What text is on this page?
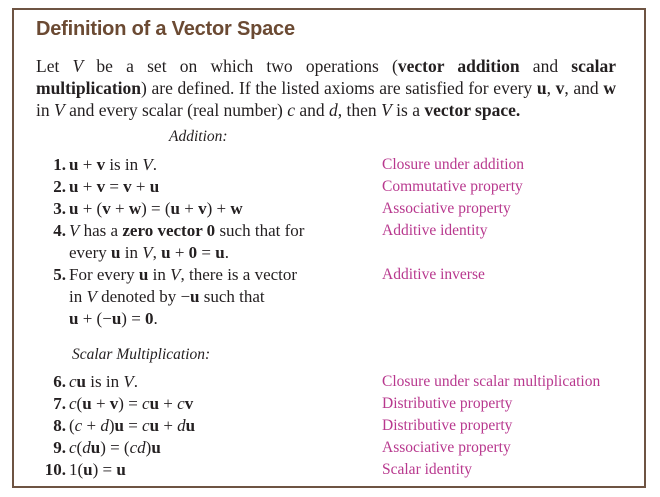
Definition of a Vector Space
Let V be a set on which two operations (vector addition and scalar multiplication) are defined. If the listed axioms are satisfied for every u, v, and w in V and every scalar (real number) c and d, then V is a vector space.
Addition:
1. u + v is in V.	Closure under addition
2. u + v = v + u	Commutative property
3. u + (v + w) = (u + v) + w	Associative property
4. V has a zero vector 0 such that for	Additive identity
every u in V, u + 0 = u.
5. For every u in V, there is a vector	Additive inverse
in V denoted by −u such that
u + (−u) = 0.
Scalar Multiplication:
6. cu is in V.	Closure under scalar multiplication
7. c(u + v) = cu + cv	Distributive property
8. (c + d)u = cu + du	Distributive property
9. c(du) = (cd)u	Associative property
10. 1(u) = u	Scalar identity
